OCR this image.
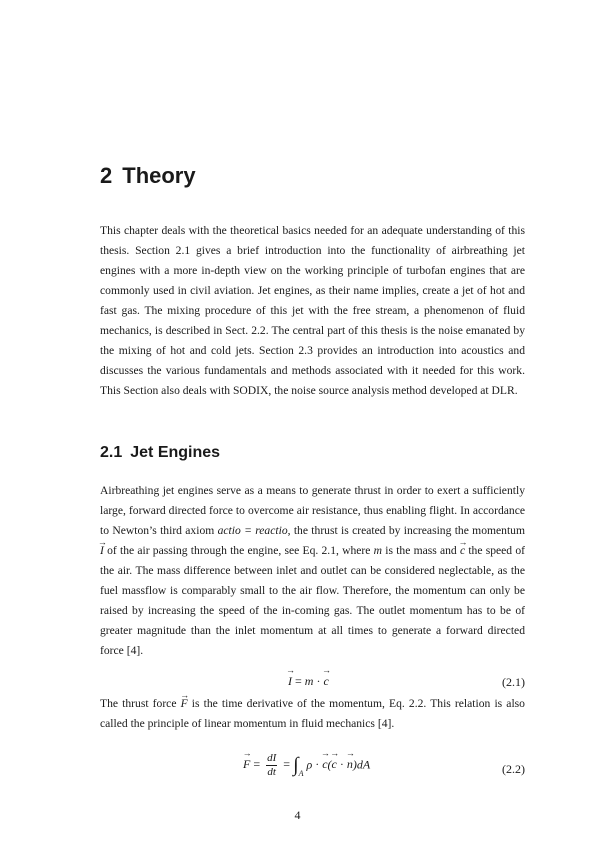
2 Theory

This chapter deals with the theoretical basics needed for an adequate understanding of this thesis. Section 2.1 gives a brief introduction into the functionality of airbreathing jet engines with a more in-depth view on the working principle of turbofan engines that are commonly used in civil aviation. Jet engines, as their name implies, create a jet of hot and fast gas. The mixing procedure of this jet with the free stream, a phenomenon of fluid mechanics, is described in Sect. 2.2. The central part of this thesis is the noise emanated by the mixing of hot and cold jets. Section 2.3 provides an introduction into acoustics and discusses the various fundamentals and methods associated with it needed for this work. This Section also deals with SODIX, the noise source analysis method developed at DLR.

2.1 Jet Engines

Airbreathing jet engines serve as a means to generate thrust in order to exert a sufficiently large, forward directed force to overcome air resistance, thus enabling flight. In accordance to Newton’s third axiom actio = reactio, the thrust is created by increasing the momentum I → of the air passing through the engine, see Eq. 2.1, where m is the mass and c → the speed of the air. The mass difference between inlet and outlet can be considered neglectable, as the fuel massflow is comparably small to the air flow. Therefore, the momentum can only be raised by increasing the speed of the in-coming gas. The outlet momentum has to be of greater magnitude than the inlet momentum at all times to generate a forward directed force [4].

I → = m · c →	(2.1)

The thrust force F → is the time derivative of the momentum, Eq. 2.2. This relation is also called the principle of linear momentum in fluid mechanics [4].

F → = $\frac{dI}{dt} = \int_A\rho \cdot c \to(c$ → · n →)dA	(2.2)
4
